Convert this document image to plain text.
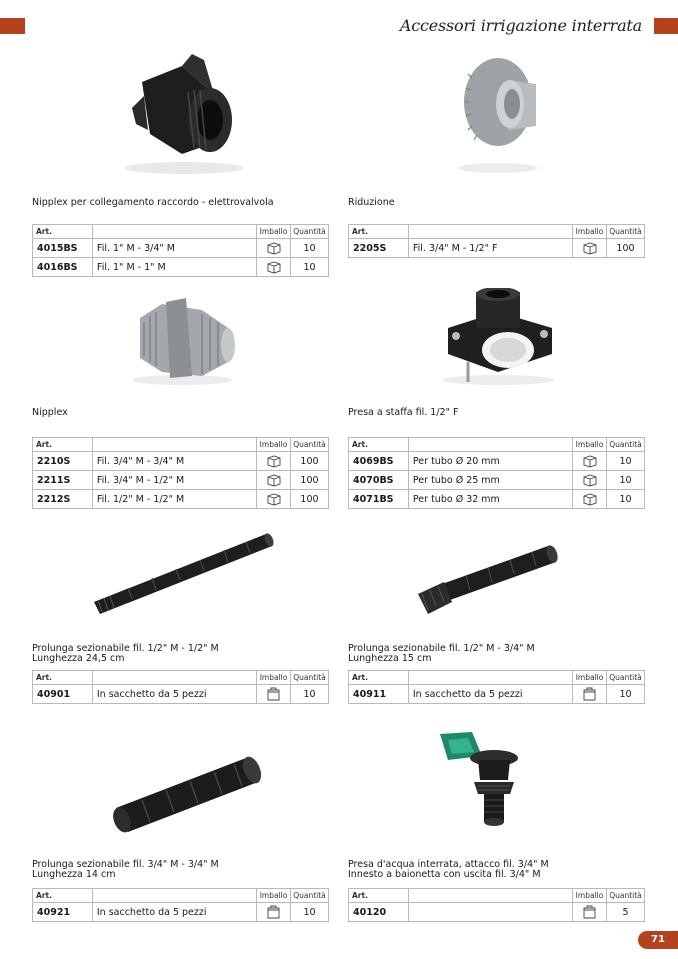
Accessori irrigazione interrata
Nipplex per collegamento raccordo - elettrovalvola
Art.		Imballo	Quantità
4015BS	Fil. 1" M - 3/4" M		10
4016BS	Fil. 1" M - 1" M		10
Riduzione
Art.		Imballo	Quantità
2205S	Fil. 3/4" M - 1/2" F		100
Nipplex
Art.		Imballo	Quantità
2210S	Fil. 3/4" M - 3/4" M		100
2211S	Fil. 3/4" M - 1/2" M		100
2212S	Fil. 1/2" M - 1/2" M		100
Presa a staffa fil. 1/2" F
Art.		Imballo	Quantità
4069BS	Per tubo Ø 20 mm		10
4070BS	Per tubo Ø 25 mm		10
4071BS	Per tubo Ø 32 mm		10
Prolunga sezionabile fil. 1/2" M - 1/2" M
Lunghezza 24,5 cm
Art.		Imballo	Quantità
40901	In sacchetto da 5 pezzi		10
Prolunga sezionabile fil. 1/2" M - 3/4" M
Lunghezza 15 cm
Art.		Imballo	Quantità
40911	In sacchetto da 5 pezzi		10
Prolunga sezionabile fil. 3/4" M - 3/4" M
Lunghezza 14 cm
Art.		Imballo	Quantità
40921	In sacchetto da 5 pezzi		10
Presa d'acqua interrata, attacco fil. 3/4" M
Innesto a baionetta con uscita fil. 3/4" M
Art.		Imballo	Quantità
40120			5
71
